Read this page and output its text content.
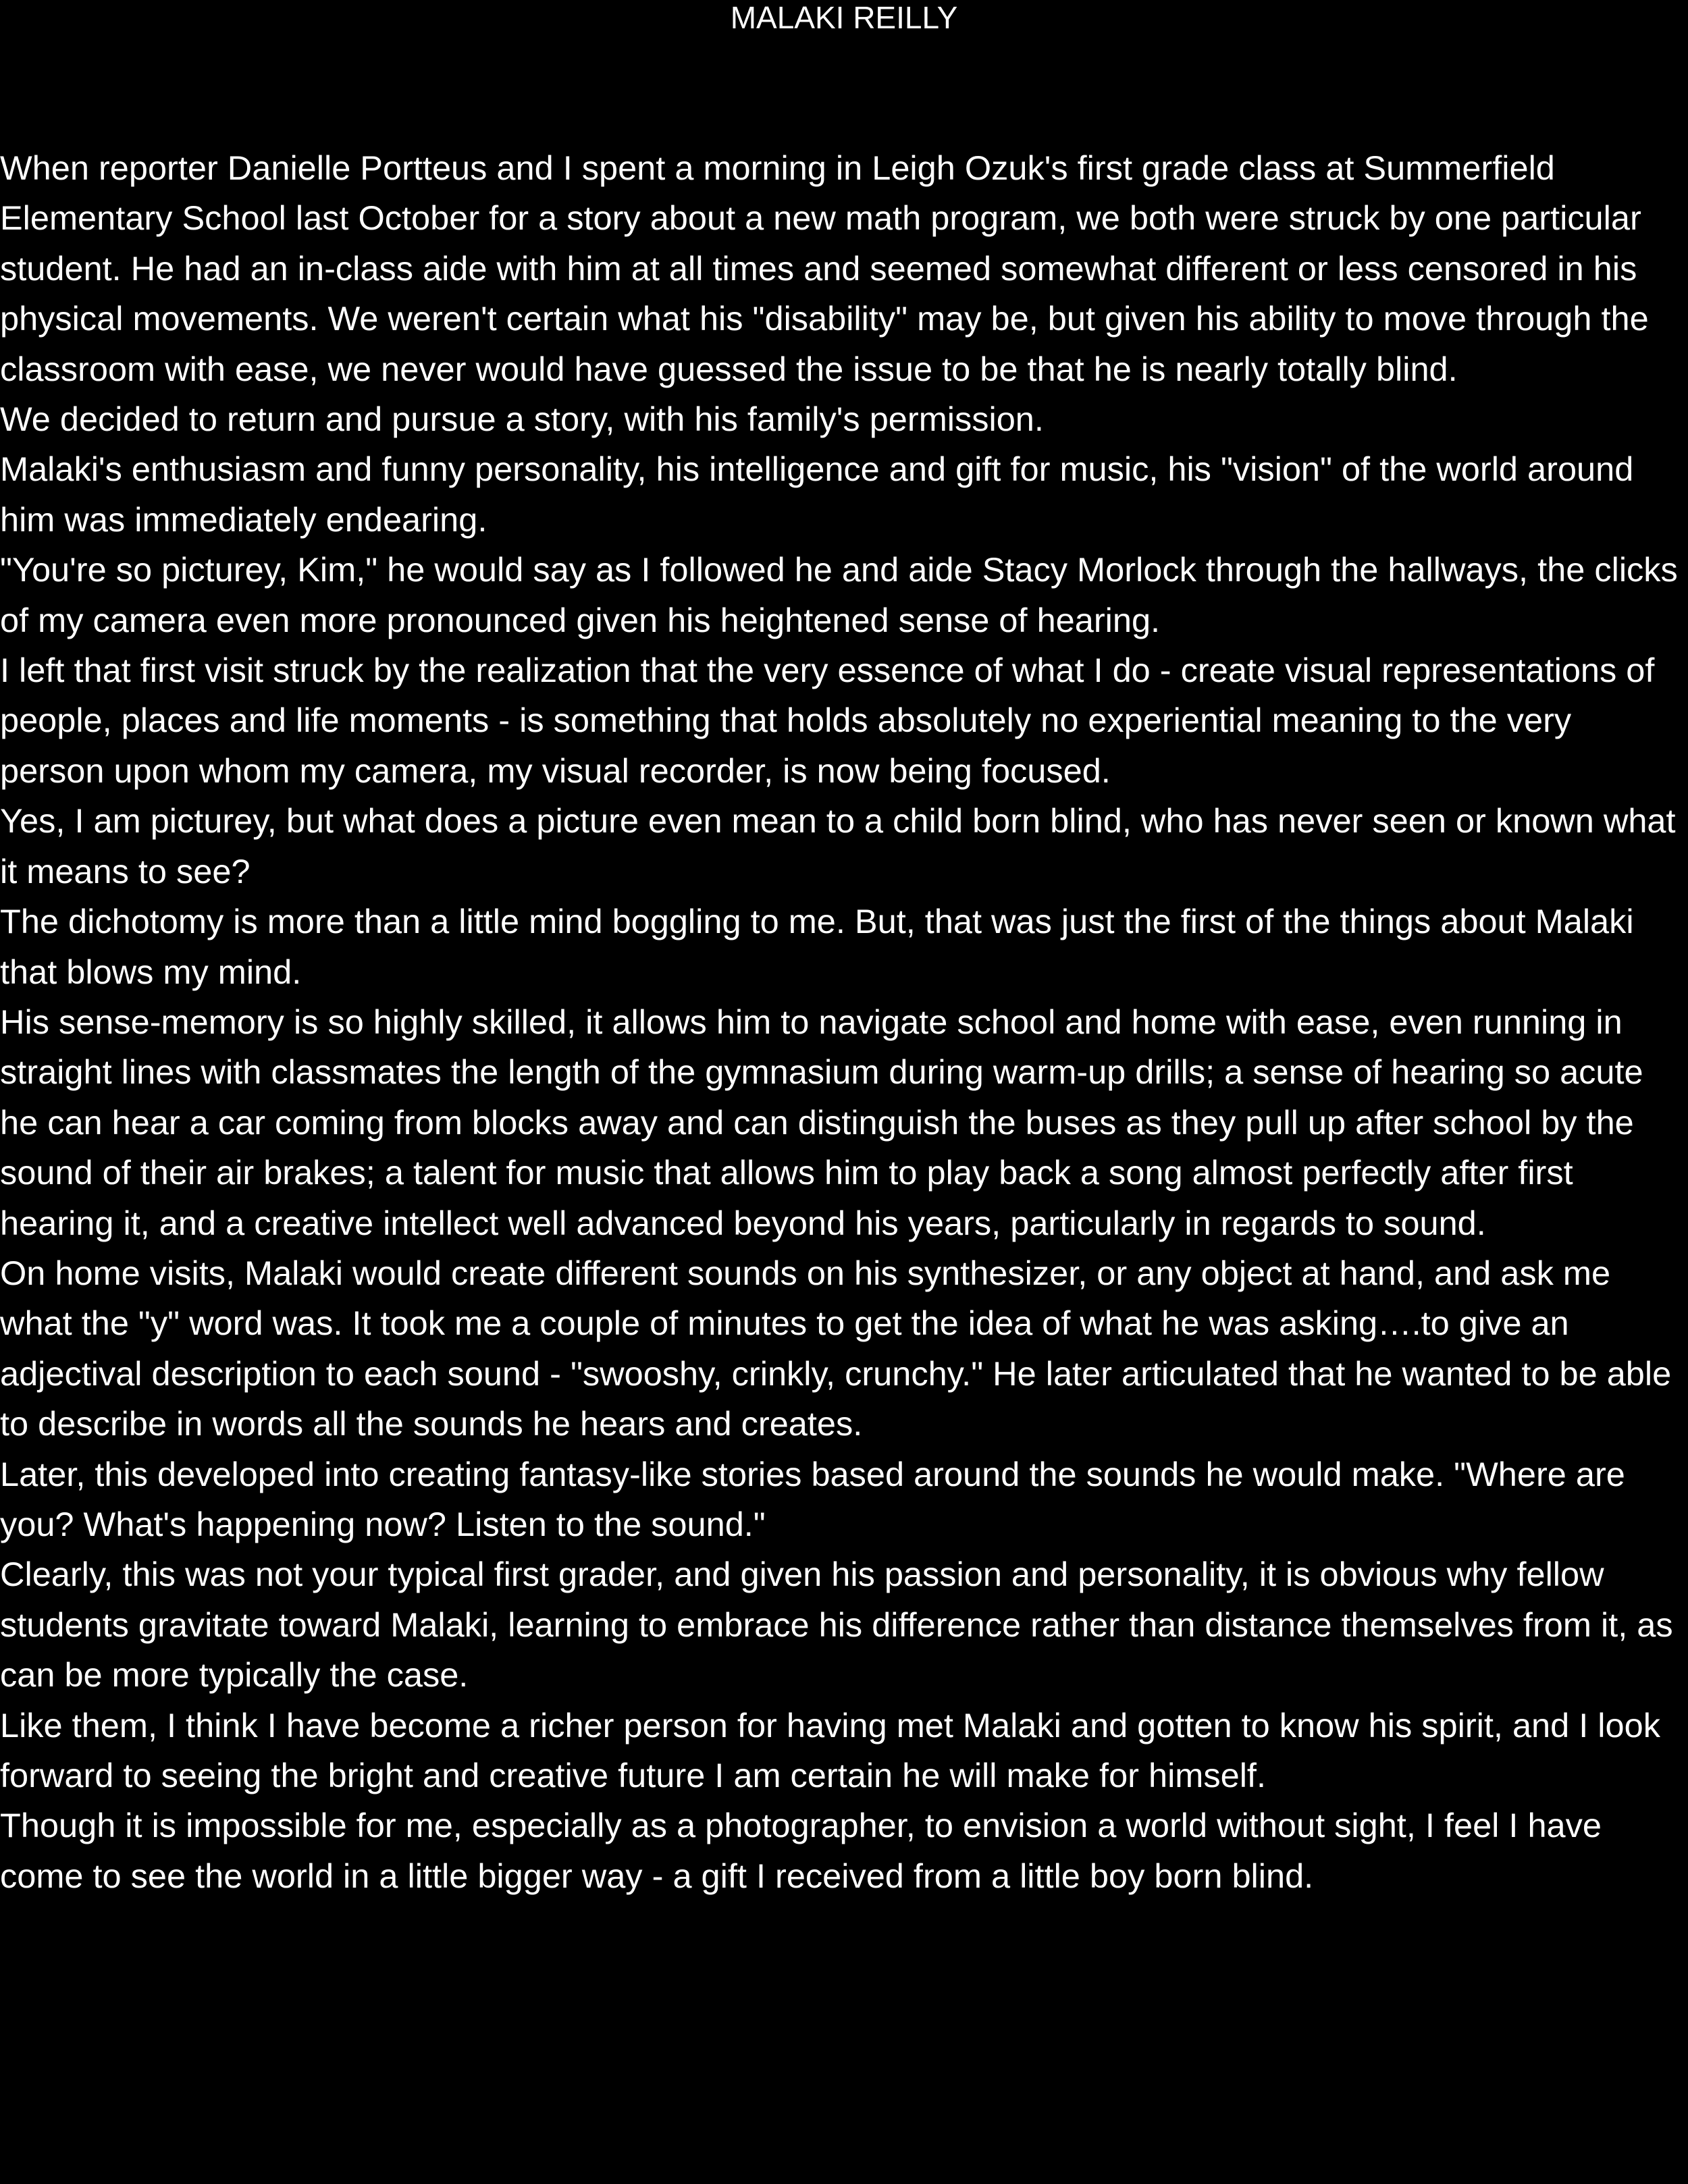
MALAKI REILLY

When reporter Danielle Portteus and I spent a morning in Leigh Ozuk's first grade class at Summerfield Elementary School last October for a story about a new math program, we both were struck by one particular student. He had an in-class aide with him at all times and seemed somewhat different or less censored in his physical movements. We weren't certain what his "disability" may be, but given his ability to move through the classroom with ease, we never would have guessed the issue to be that he is nearly totally blind.

We decided to return and pursue a story, with his family's permission.

Malaki's enthusiasm and funny personality, his intelligence and gift for music, his "vision" of the world around him was immediately endearing.

"You're so picturey, Kim," he would say as I followed he and aide Stacy Morlock through the hallways, the clicks of my camera even more pronounced given his heightened sense of hearing.

I left that first visit struck by the realization that the very essence of what I do - create visual representations of people, places and life moments - is something that holds absolutely no experiential meaning to the very person upon whom my camera, my visual recorder, is now being focused.

Yes, I am picturey, but what does a picture even mean to a child born blind, who has never seen or known what it means to see?

The dichotomy is more than a little mind boggling to me. But, that was just the first of the things about Malaki that blows my mind.

His sense-memory is so highly skilled, it allows him to navigate school and home with ease, even running in straight lines with classmates the length of the gymnasium during warm-up drills; a sense of hearing so acute he can hear a car coming from blocks away and can distinguish the buses as they pull up after school by the sound of their air brakes; a talent for music that allows him to play back a song almost perfectly after first hearing it, and a creative intellect well advanced beyond his years, particularly in regards to sound.

On home visits, Malaki would create different sounds on his synthesizer, or any object at hand, and ask me what the "y" word was. It took me a couple of minutes to get the idea of what he was asking….to give an adjectival description to each sound - "swooshy, crinkly, crunchy." He later articulated that he wanted to be able to describe in words all the sounds he hears and creates.

Later, this developed into creating fantasy-like stories based around the sounds he would make. "Where are you? What's happening now? Listen to the sound."

Clearly, this was not your typical first grader, and given his passion and personality, it is obvious why fellow students gravitate toward Malaki, learning to embrace his difference rather than distance themselves from it, as can be more typically the case.

Like them, I think I have become a richer person for having met Malaki and gotten to know his spirit, and I look forward to seeing the bright and creative future I am certain he will make for himself.

Though it is impossible for me, especially as a photographer, to envision a world without sight, I feel I have come to see the world in a little bigger way - a gift I received from a little boy born blind.
